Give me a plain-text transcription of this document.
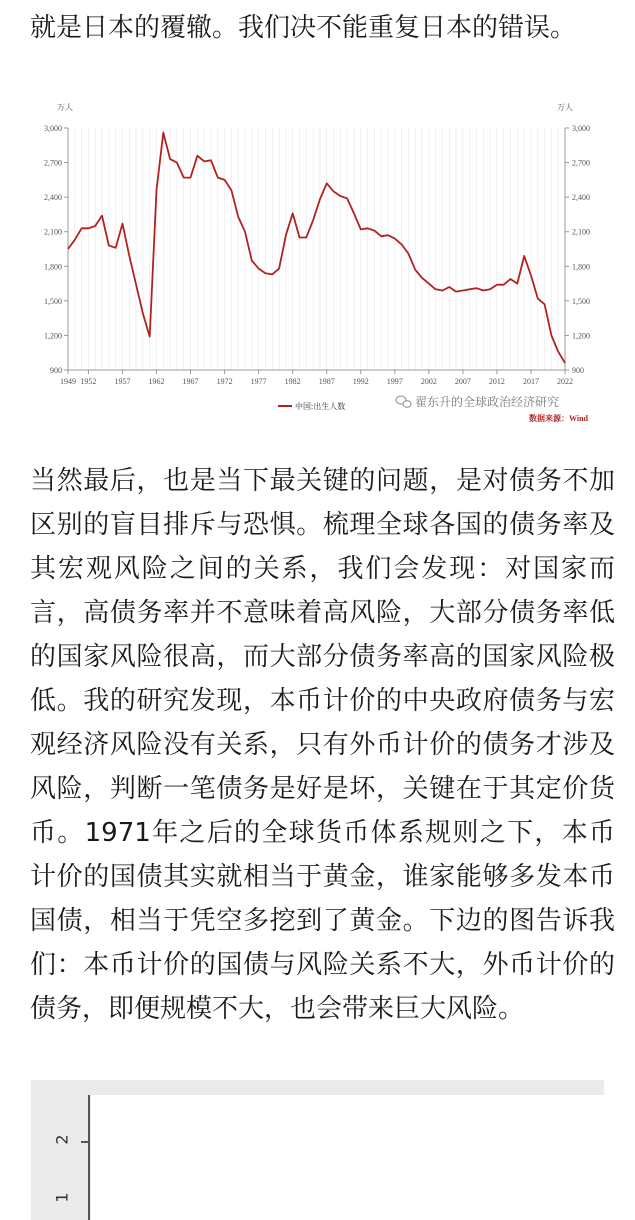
就是日本的覆辙。我们决不能重复日本的错误。

3,000	3,000
2,700	2,700
2,400	2,400
2,100	2,100
1,800	1,800
1,500	1,500
1,200	1,200
900	900
万人	万人
1949 1952 1957 1962 1967 1972 1977 1982 1987 1992 1997 2002 2007 2012 2017 2022
中国:出生人数	翟东升的全球政治经济研究
数据来源：Wind

当然最后，也是当下最关键的问题，是对债务不加区别的盲目排斥与恐惧。梳理全球各国的债务率及其宏观风险之间的关系，我们会发现：对国家而言，高债务率并不意味着高风险，大部分债务率低的国家风险很高，而大部分债务率高的国家风险极低。我的研究发现，本币计价的中央政府债务与宏观经济风险没有关系，只有外币计价的债务才涉及风险，判断一笔债务是好是坏，关键在于其定价货币。1971年之后的全球货币体系规则之下，本币计价的国债其实就相当于黄金，谁家能够多发本币国债，相当于凭空多挖到了黄金。下边的图告诉我们：本币计价的国债与风险关系不大，外币计价的债务，即便规模不大，也会带来巨大风险。

2
1
